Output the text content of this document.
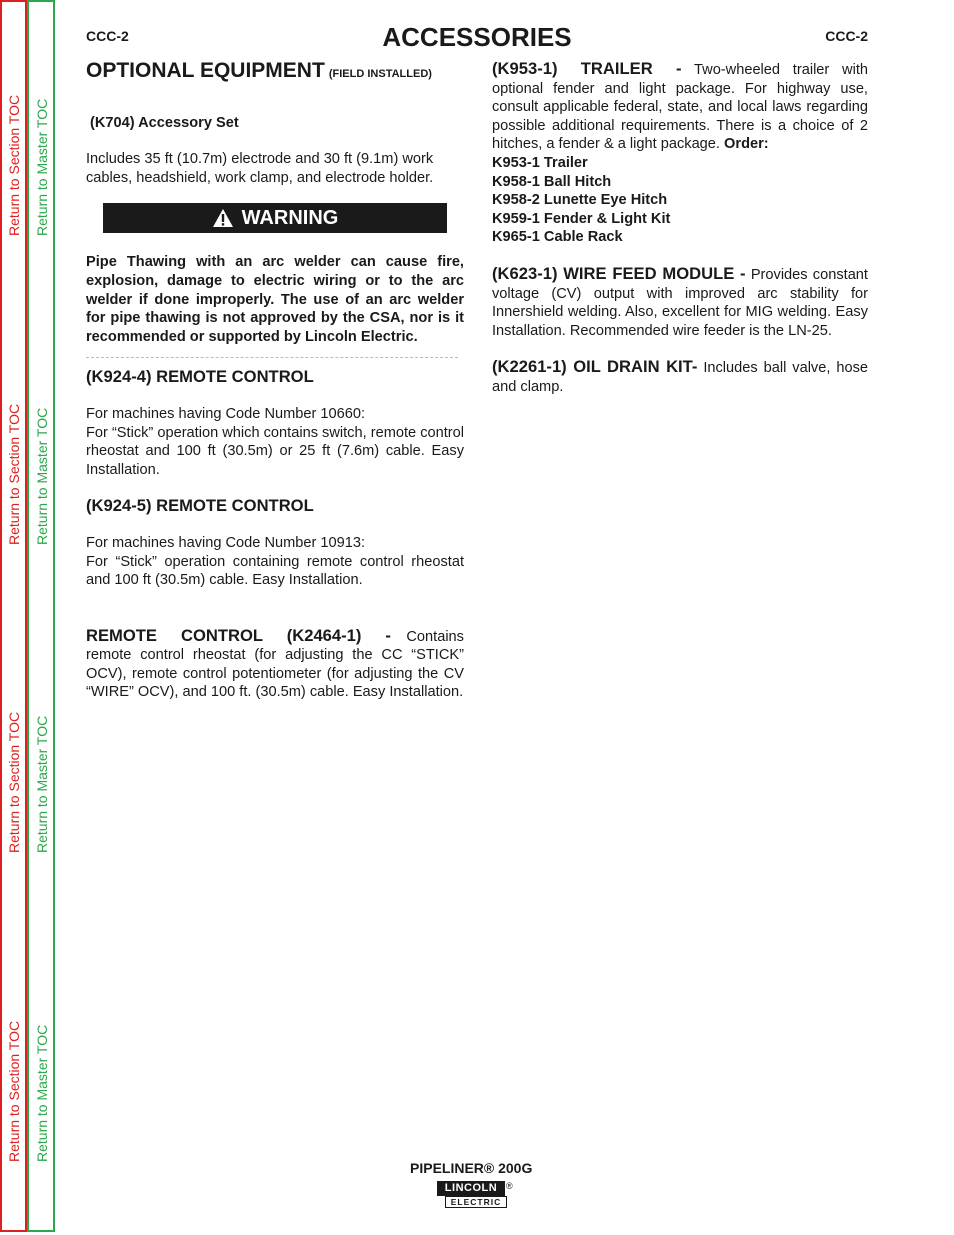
Return to Section TOC Return to Master TOC
Return to Section TOC Return to Master TOC
Return to Section TOC Return to Master TOC
Return to Section TOC Return to Master TOC
ACCESSORIES
CCC-2	CCC-2
OPTIONAL EQUIPMENT (FIELD INSTALLED)
(K704) Accessory Set
Includes 35 ft (10.7m) electrode and 30 ft (9.1m) work cables, headshield, work clamp, and electrode holder.
WARNING
Pipe Thawing with an arc welder can cause fire, explosion, damage to electric wiring or to the arc welder if done improperly. The use of an arc welder for pipe thawing is not approved by the CSA, nor is it recommended or supported by Lincoln Electric.
(K924-4) REMOTE CONTROL
For machines having Code Number 10660:
For “Stick” operation which contains switch, remote control rheostat and 100 ft (30.5m) or 25 ft (7.6m) cable. Easy Installation.
(K924-5) REMOTE CONTROL
For machines having Code Number 10913:
For “Stick” operation containing remote control rheostat and 100 ft (30.5m) cable. Easy Installation.
REMOTE CONTROL (K2464-1) - Contains remote control rheostat (for adjusting the CC “STICK” OCV), remote control potentiometer (for adjusting the CV “WIRE” OCV), and 100 ft. (30.5m) cable. Easy Installation.
(K953-1) TRAILER - Two-wheeled trailer with optional fender and light package. For highway use, consult applicable federal, state, and local laws regarding possible additional requirements. There is a choice of 2 hitches, a fender & a light package. Order:
K953-1 Trailer
K958-1 Ball Hitch
K958-2 Lunette Eye Hitch
K959-1 Fender & Light Kit
K965-1 Cable Rack
(K623-1) WIRE FEED MODULE - Provides constant voltage (CV) output with improved arc stability for Innershield welding. Also, excellent for MIG welding. Easy Installation. Recommended wire feeder is the LN-25.
(K2261-1) OIL DRAIN KIT- Includes ball valve, hose and clamp.
PIPELINER® 200G
LINCOLN
ELECTRIC
®
